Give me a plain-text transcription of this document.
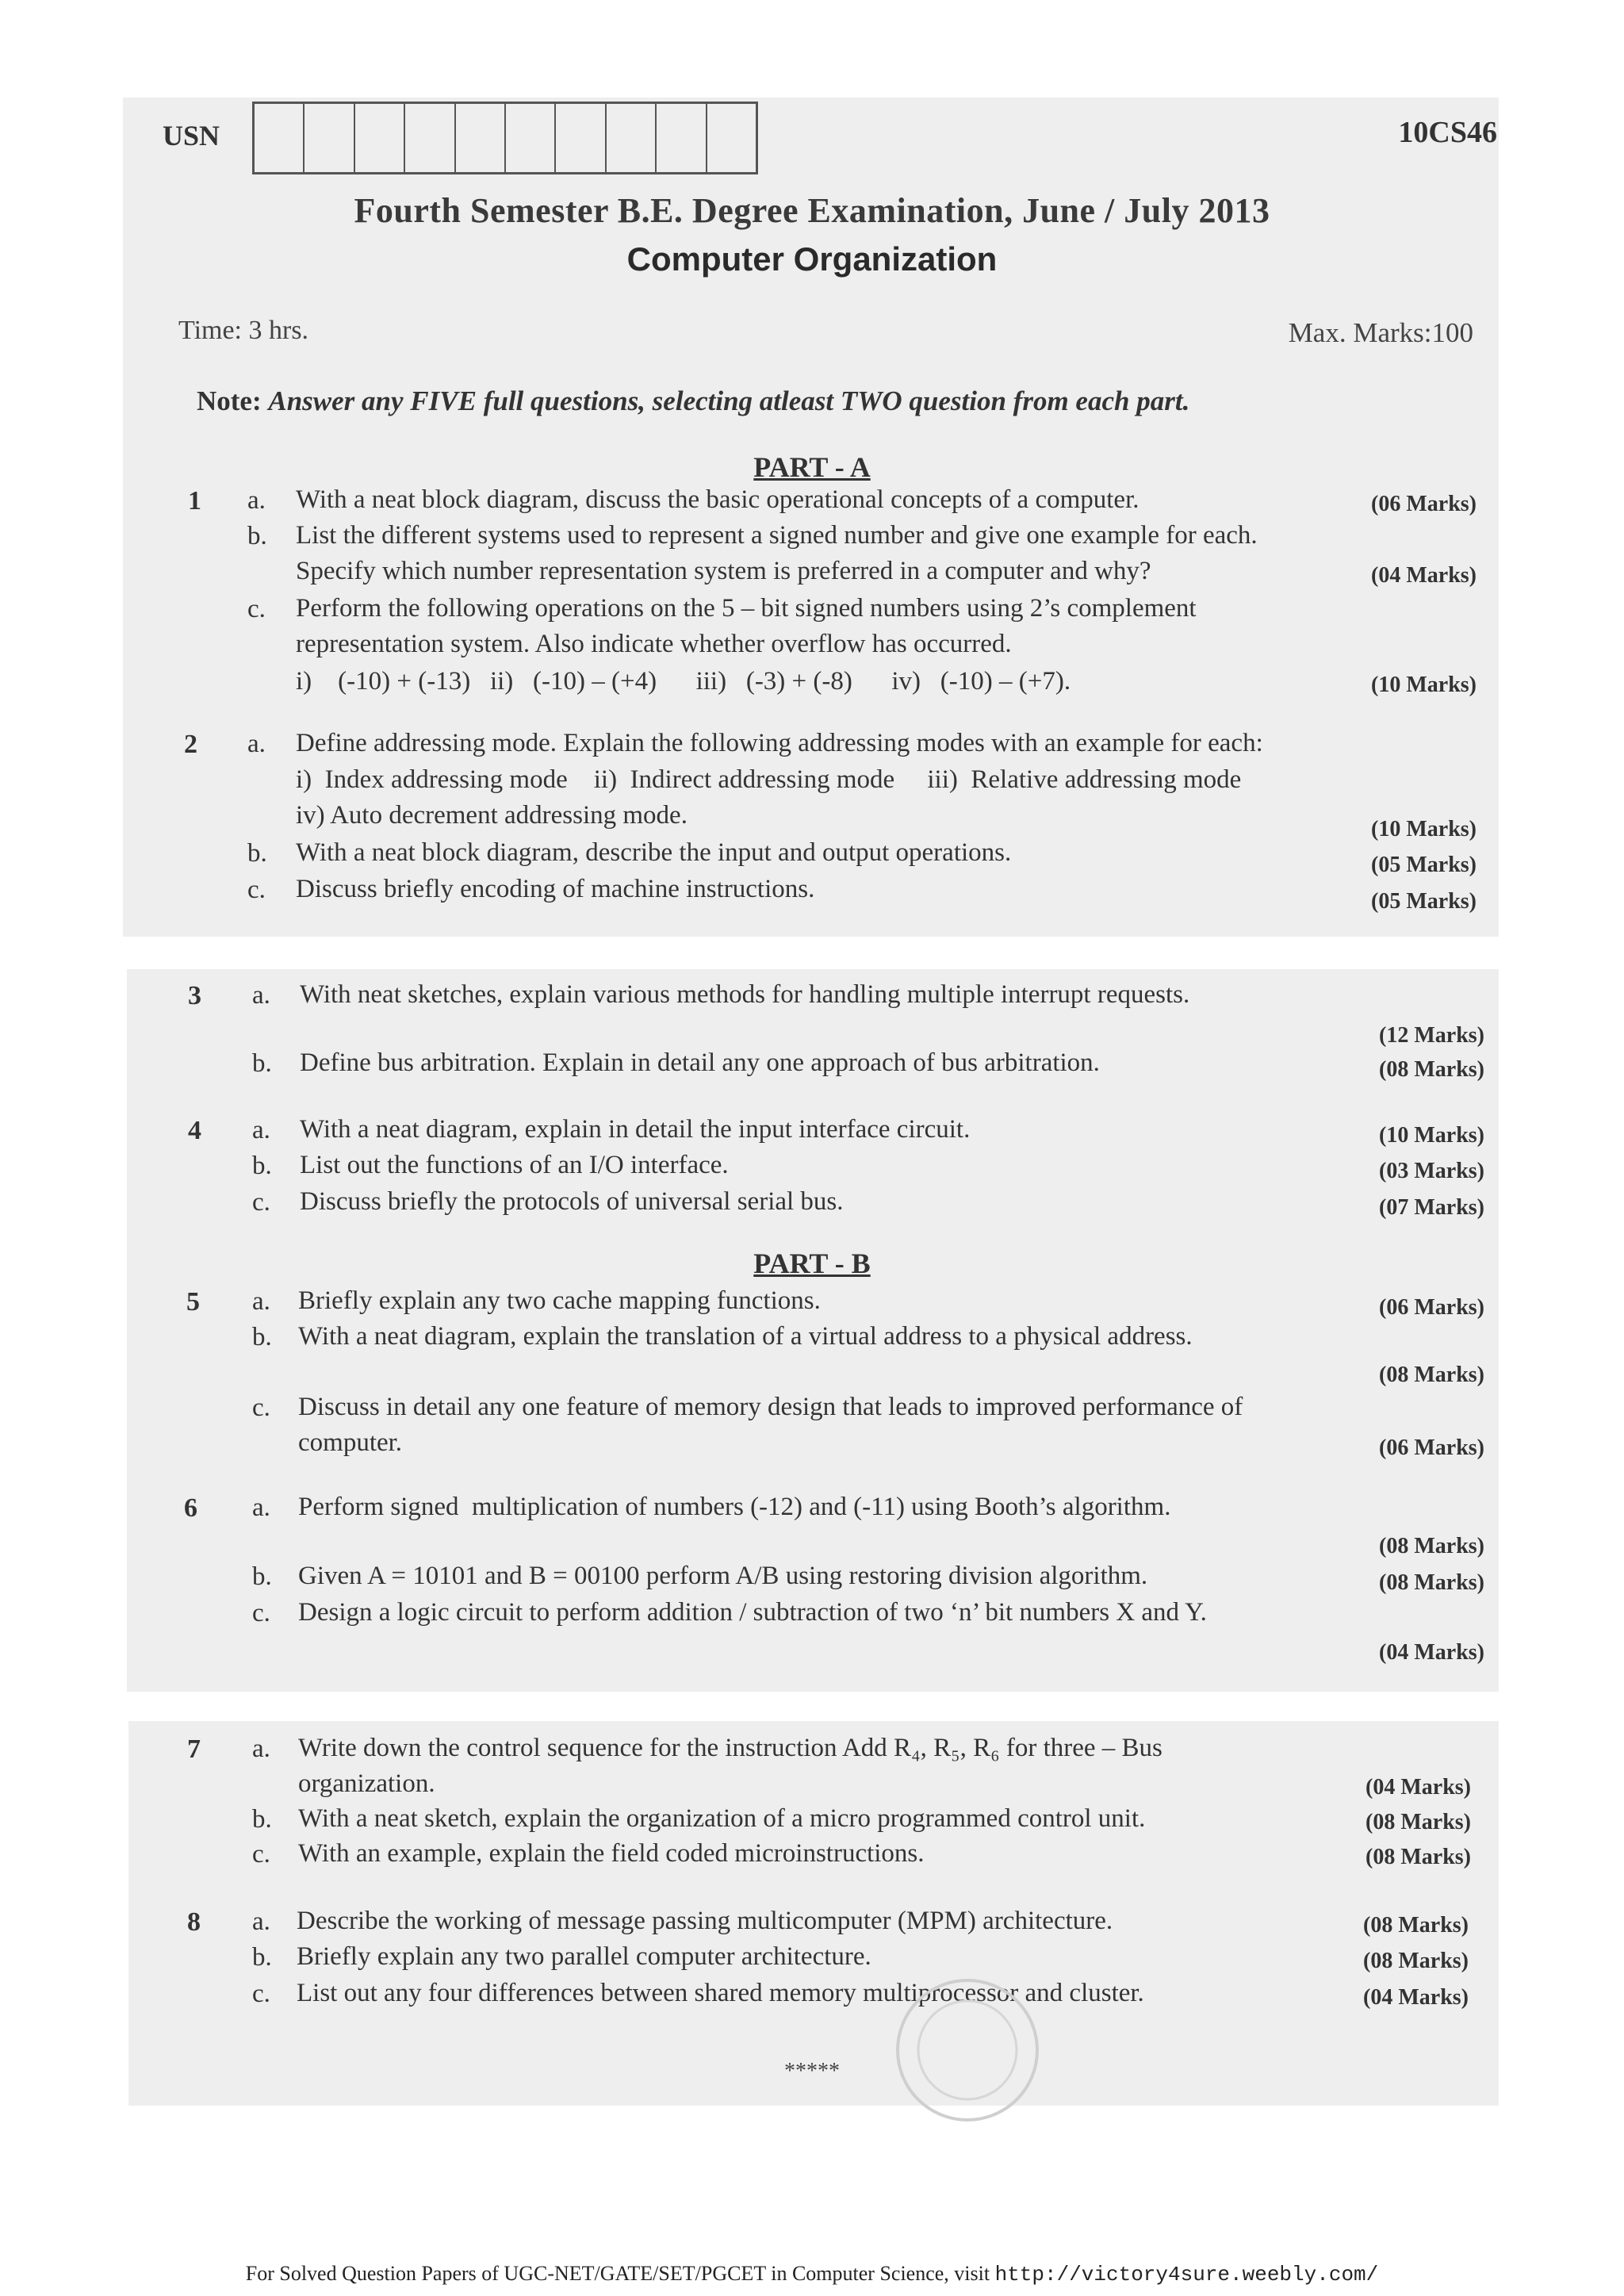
USN	10CS46
Fourth Semester B.E. Degree Examination, June / July 2013
Computer Organization
Time: 3 hrs.	Max. Marks:100
Note: Answer any FIVE full questions, selecting atleast TWO question from each part.
PART - A
1 a. With a neat block diagram, discuss the basic operational concepts of a computer.	(06 Marks)
b. List the different systems used to represent a signed number and give one example for each.
Specify which number representation system is preferred in a computer and why?	(04 Marks)
c. Perform the following operations on the 5 – bit signed numbers using 2’s complement
representation system. Also indicate whether overflow has occurred.
i)    (-10) + (-13)   ii)   (-10) – (+4)      iii)   (-3) + (-8)      iv)   (-10) – (+7).	(10 Marks)
2 a. Define addressing mode. Explain the following addressing modes with an example for each:
i)  Index addressing mode    ii)  Indirect addressing mode     iii)  Relative addressing mode
iv) Auto decrement addressing mode.	(10 Marks)
b. With a neat block diagram, describe the input and output operations.	(05 Marks)
c. Discuss briefly encoding of machine instructions.	(05 Marks)
3 a. With neat sketches, explain various methods for handling multiple interrupt requests.
(12 Marks)
b. Define bus arbitration. Explain in detail any one approach of bus arbitration.	(08 Marks)
4 a. With a neat diagram, explain in detail the input interface circuit.	(10 Marks)
b. List out the functions of an I/O interface.	(03 Marks)
c. Discuss briefly the protocols of universal serial bus.	(07 Marks)
PART - B
5 a. Briefly explain any two cache mapping functions.	(06 Marks)
b. With a neat diagram, explain the translation of a virtual address to a physical address.
(08 Marks)
c. Discuss in detail any one feature of memory design that leads to improved performance of
computer.	(06 Marks)
6 a. Perform signed  multiplication of numbers (-12) and (-11) using Booth’s algorithm.
(08 Marks)
b. Given A = 10101 and B = 00100 perform A/B using restoring division algorithm.	(08 Marks)
c. Design a logic circuit to perform addition / subtraction of two ‘n’ bit numbers X and Y.
(04 Marks)
7 a. Write down the control sequence for the instruction Add R₄, R₅, R₆ for three – Bus
organization.	(04 Marks)
b. With a neat sketch, explain the organization of a micro programmed control unit.	(08 Marks)
c. With an example, explain the field coded microinstructions.	(08 Marks)
8 a. Describe the working of message passing multicomputer (MPM) architecture.	(08 Marks)
b. Briefly explain any two parallel computer architecture.	(08 Marks)
c. List out any four differences between shared memory multiprocessor and cluster.	(04 Marks)
*****
For Solved Question Papers of UGC-NET/GATE/SET/PGCET in Computer Science, visit http://victory4sure.weebly.com/
